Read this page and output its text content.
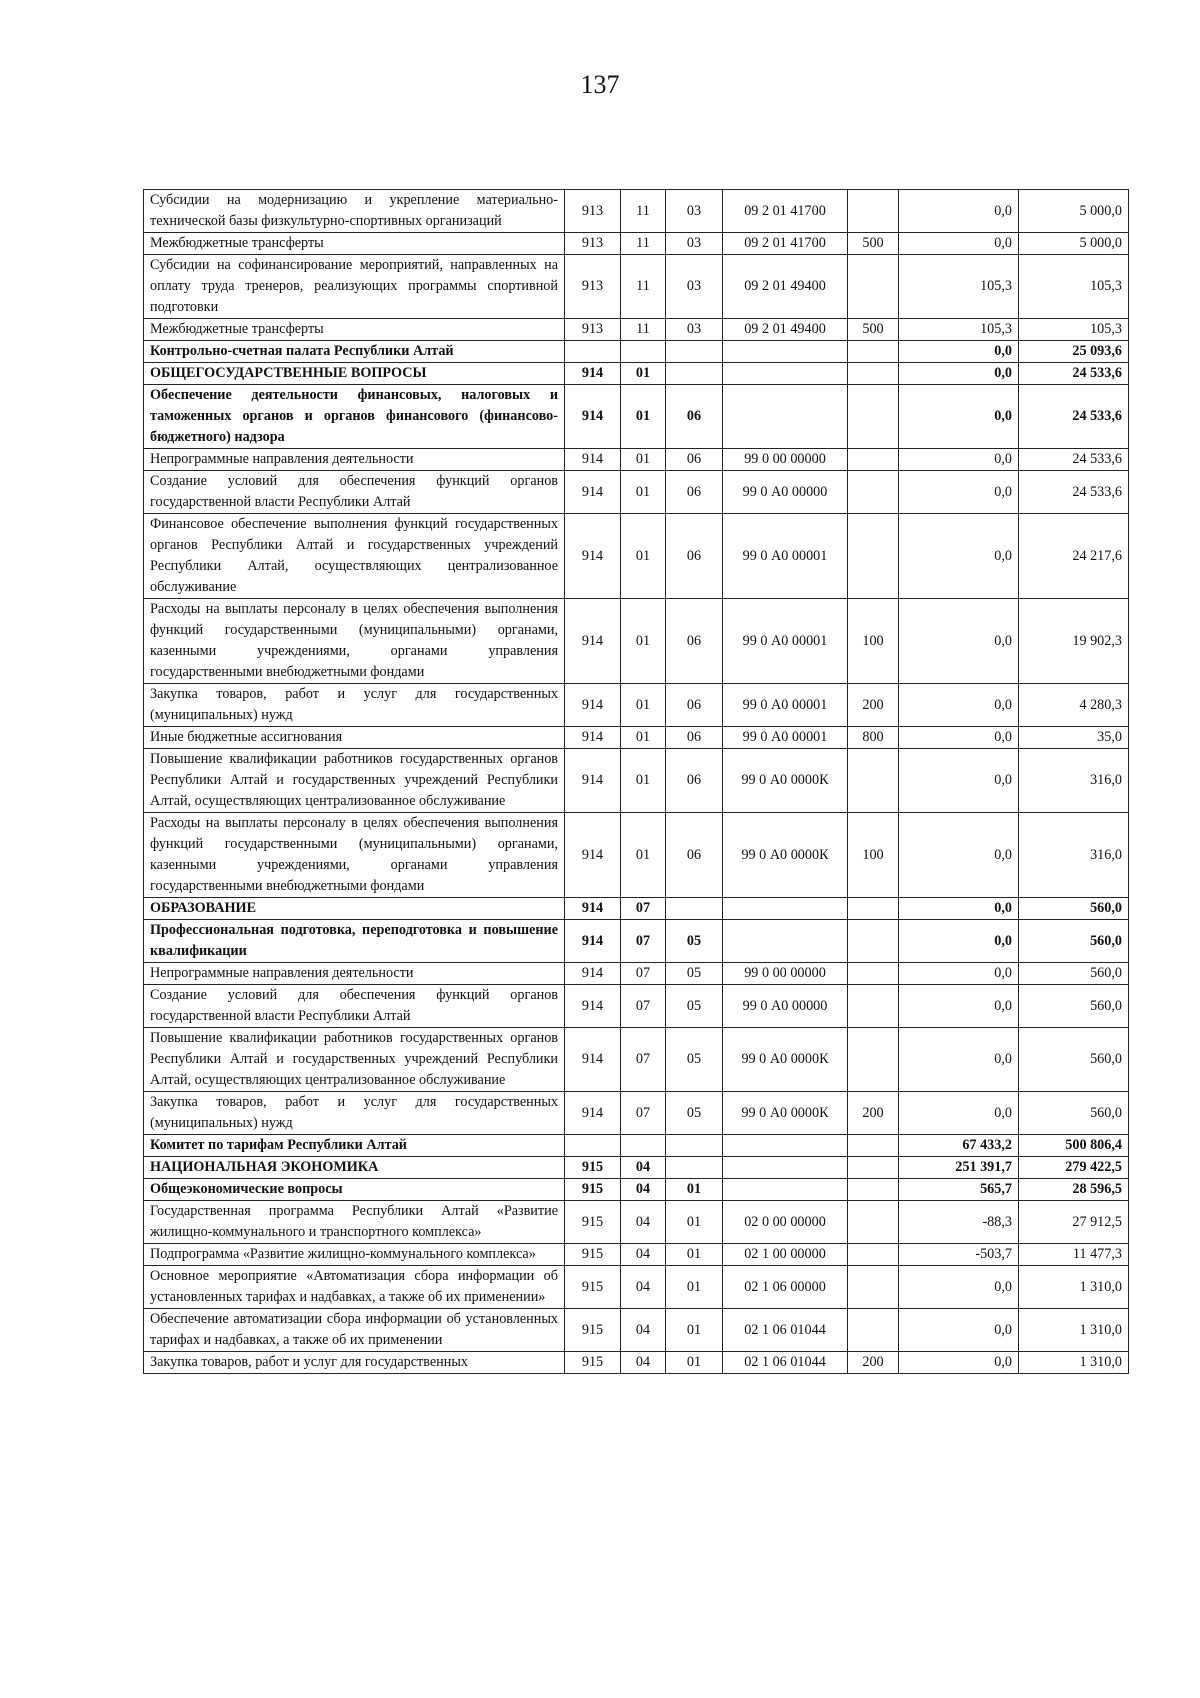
137
Субсидии на модернизацию и укрепление материально-технической базы физкультурно-спортивных организаций	913	11	03	09 2 01 41700		0,0	5 000,0
Межбюджетные трансферты	913	11	03	09 2 01 41700	500	0,0	5 000,0
Субсидии на софинансирование мероприятий, направленных на оплату труда тренеров, реализующих программы спортивной подготовки	913	11	03	09 2 01 49400		105,3	105,3
Межбюджетные трансферты	913	11	03	09 2 01 49400	500	105,3	105,3
Контрольно-счетная палата Республики Алтай						0,0	25 093,6
ОБЩЕГОСУДАРСТВЕННЫЕ ВОПРОСЫ	914	01				0,0	24 533,6
Обеспечение деятельности финансовых, налоговых и таможенных органов и органов финансового (финансово-бюджетного) надзора	914	01	06			0,0	24 533,6
Непрограммные направления деятельности	914	01	06	99 0 00 00000		0,0	24 533,6
Создание условий для обеспечения функций органов государственной власти Республики Алтай	914	01	06	99 0 А0 00000		0,0	24 533,6
Финансовое обеспечение выполнения функций государственных органов Республики Алтай и государственных учреждений Республики Алтай, осуществляющих централизованное обслуживание	914	01	06	99 0 А0 00001		0,0	24 217,6
Расходы на выплаты персоналу в целях обеспечения выполнения функций государственными (муниципальными) органами, казенными учреждениями, органами управления государственными внебюджетными фондами	914	01	06	99 0 А0 00001	100	0,0	19 902,3
Закупка товаров, работ и услуг для государственных (муниципальных) нужд	914	01	06	99 0 А0 00001	200	0,0	4 280,3
Иные бюджетные ассигнования	914	01	06	99 0 А0 00001	800	0,0	35,0
Повышение квалификации работников государственных органов Республики Алтай и государственных учреждений Республики Алтай, осуществляющих централизованное обслуживание	914	01	06	99 0 А0 0000К		0,0	316,0
Расходы на выплаты персоналу в целях обеспечения выполнения функций государственными (муниципальными) органами, казенными учреждениями, органами управления государственными внебюджетными фондами	914	01	06	99 0 А0 0000К	100	0,0	316,0
ОБРАЗОВАНИЕ	914	07				0,0	560,0
Профессиональная подготовка, переподготовка и повышение квалификации	914	07	05			0,0	560,0
Непрограммные направления деятельности	914	07	05	99 0 00 00000		0,0	560,0
Создание условий для обеспечения функций органов государственной власти Республики Алтай	914	07	05	99 0 А0 00000		0,0	560,0
Повышение квалификации работников государственных органов Республики Алтай и государственных учреждений Республики Алтай, осуществляющих централизованное обслуживание	914	07	05	99 0 А0 0000К		0,0	560,0
Закупка товаров, работ и услуг для государственных (муниципальных) нужд	914	07	05	99 0 А0 0000К	200	0,0	560,0
Комитет по тарифам Республики Алтай						67 433,2	500 806,4
НАЦИОНАЛЬНАЯ ЭКОНОМИКА	915	04				251 391,7	279 422,5
Общеэкономические вопросы	915	04	01			565,7	28 596,5
Государственная программа Республики Алтай «Развитие жилищно-коммунального и транспортного комплекса»	915	04	01	02 0 00 00000		-88,3	27 912,5
Подпрограмма «Развитие жилищно-коммунального комплекса»	915	04	01	02 1 00 00000		-503,7	11 477,3
Основное мероприятие «Автоматизация сбора информации об установленных тарифах и надбавках, а также об их применении»	915	04	01	02 1 06 00000		0,0	1 310,0
Обеспечение автоматизации сбора информации об установленных тарифах и надбавках, а также об их применении	915	04	01	02 1 06 01044		0,0	1 310,0
Закупка товаров, работ и услуг для государственных	915	04	01	02 1 06 01044	200	0,0	1 310,0
